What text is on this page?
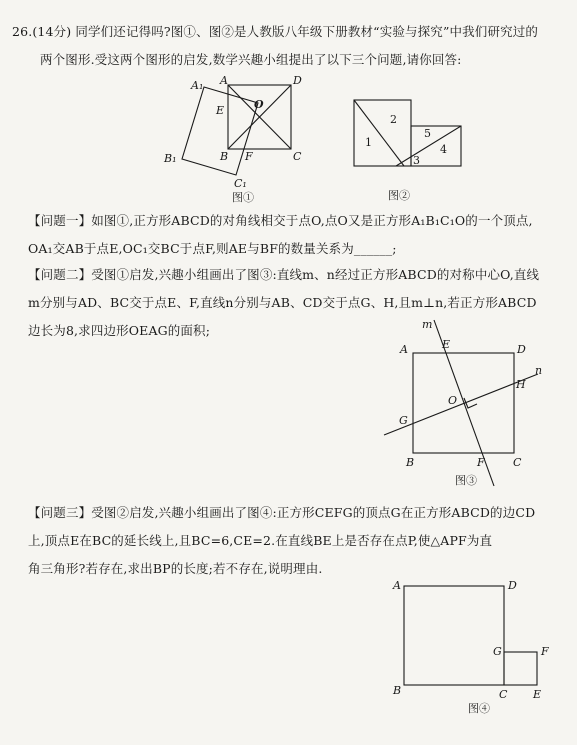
26.(14分) 同学们还记得吗?图①、图②是人教版八年级下册教材“实验与探究”中我们研究过的
两个图形.受这两个图形的启发,数学兴趣小组提出了以下三个问题,请你回答:
【问题一】如图①,正方形ABCD的对角线相交于点O,点O又是正方形A₁B₁C₁O的一个顶点,
OA₁交AB于点E,OC₁交BC于点F,则AE与BF的数量关系为______;
【问题二】受图①启发,兴趣小组画出了图③:直线m、n经过正方形ABCD的对称中心O,直线
m分别与AD、BC交于点E、F,直线n分别与AB、CD交于点G、H,且m⊥n,若正方形ABCD
边长为8,求四边形OEAG的面积;
【问题三】受图②启发,兴趣小组画出了图④:正方形CEFG的顶点G在正方形ABCD的边CD
上,顶点E在BC的延长线上,且BC=6,CE=2.在直线BE上是否存在点P,使△APF为直
角三角形?若存在,求出BP的长度;若不存在,说明理由.
A₁ A	D
E	O
B₁	B F	C
C₁
图①
1
2
3
4
5
图②
m
n
A	E	D
H
O
G
B	F	C
图③
A	D
G	F
B	C E
图④
